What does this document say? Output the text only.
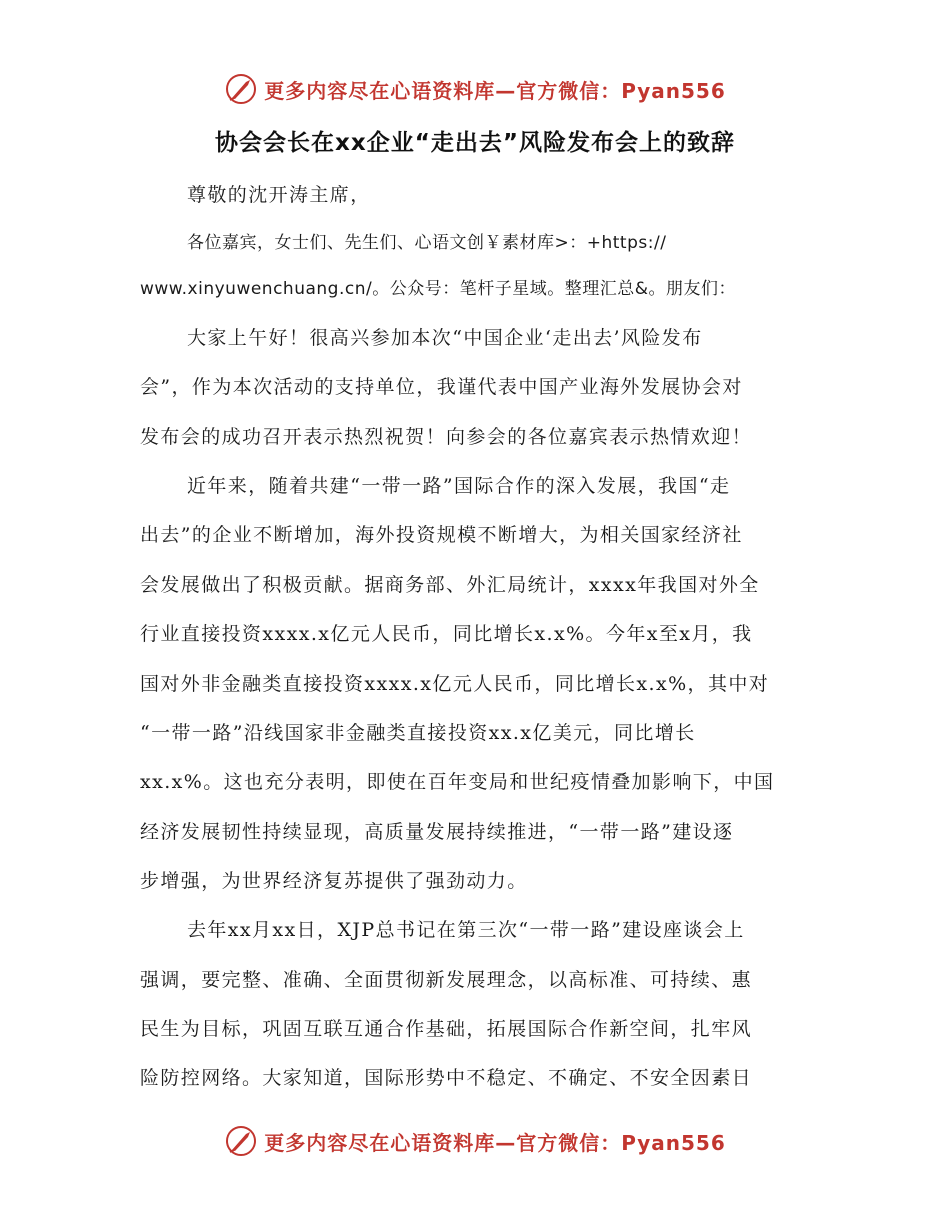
更多内容尽在心语资料库—官方微信：Pyan556
协会会长在xx企业“走出去”风险发布会上的致辞
尊敬的沈开涛主席，
各位嘉宾，女士们、先生们、心语文创￥素材库>：+https://
www.xinyuwenchuang.cn/。公众号：笔杆子星域。整理汇总&。朋友们：
大家上午好！很高兴参加本次“中国企业‘走出去’风险发布
会”，作为本次活动的支持单位，我谨代表中国产业海外发展协会对
发布会的成功召开表示热烈祝贺！向参会的各位嘉宾表示热情欢迎！
近年来，随着共建“一带一路”国际合作的深入发展，我国“走
出去”的企业不断增加，海外投资规模不断增大，为相关国家经济社
会发展做出了积极贡献。据商务部、外汇局统计，xxxx年我国对外全
行业直接投资xxxx.x亿元人民币，同比增长x.x%。今年x至x月，我
国对外非金融类直接投资xxxx.x亿元人民币，同比增长x.x%，其中对
“一带一路”沿线国家非金融类直接投资xx.x亿美元，同比增长
xx.x%。这也充分表明，即使在百年变局和世纪疫情叠加影响下，中国
经济发展韧性持续显现，高质量发展持续推进，“一带一路”建设逐
步增强，为世界经济复苏提供了强劲动力。
去年xx月xx日，XJP总书记在第三次“一带一路”建设座谈会上
强调，要完整、准确、全面贯彻新发展理念，以高标准、可持续、惠
民生为目标，巩固互联互通合作基础，拓展国际合作新空间，扎牢风
险防控网络。大家知道，国际形势中不稳定、不确定、不安全因素日
更多内容尽在心语资料库—官方微信：Pyan556
